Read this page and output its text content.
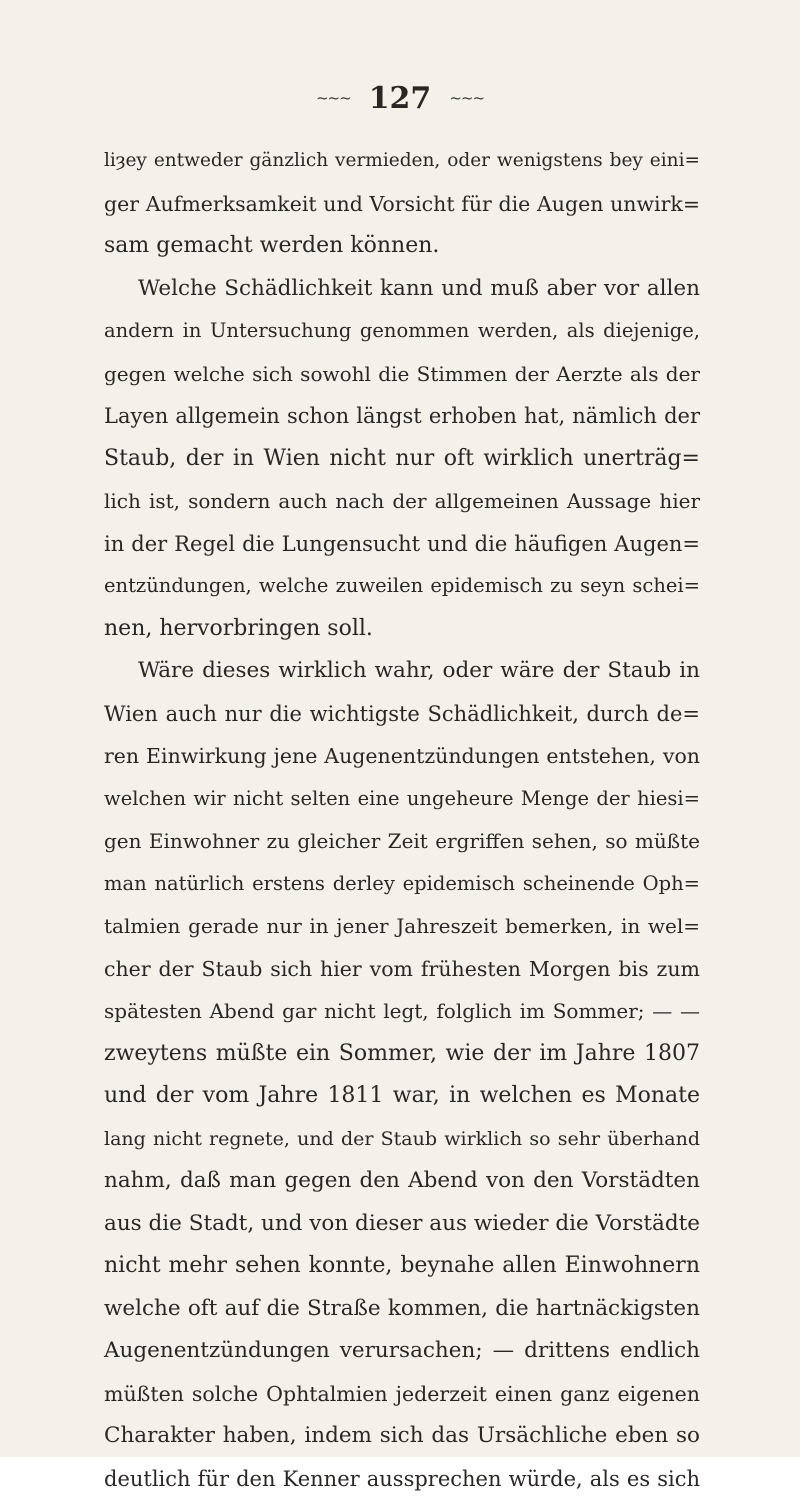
~~~ 127 ~~~
liȝey entweder gänzlich vermieden, oder wenigstens bey eini=
ger Aufmerksamkeit und Vorsicht für die Augen unwirk=
sam gemacht werden können.
Welche Schädlichkeit kann und muß aber vor allen
andern in Untersuchung genommen werden, als diejenige,
gegen welche sich sowohl die Stimmen der Aerzte als der
Layen allgemein schon längst erhoben hat, nämlich der
Staub, der in Wien nicht nur oft wirklich unerträg=
lich ist, sondern auch nach der allgemeinen Aussage hier
in der Regel die Lungensucht und die häufigen Augen=
entzündungen, welche zuweilen epidemisch zu seyn schei=
nen, hervorbringen soll.
Wäre dieses wirklich wahr, oder wäre der Staub in
Wien auch nur die wichtigste Schädlichkeit, durch de=
ren Einwirkung jene Augenentzündungen entstehen, von
welchen wir nicht selten eine ungeheure Menge der hiesi=
gen Einwohner zu gleicher Zeit ergriffen sehen, so müßte
man natürlich erstens derley epidemisch scheinende Oph=
talmien gerade nur in jener Jahreszeit bemerken, in wel=
cher der Staub sich hier vom frühesten Morgen bis zum
spätesten Abend gar nicht legt, folglich im Sommer; — —
zweytens müßte ein Sommer, wie der im Jahre 1807
und der vom Jahre 1811 war, in welchen es Monate
lang nicht regnete, und der Staub wirklich so sehr überhand
nahm, daß man gegen den Abend von den Vorstädten
aus die Stadt, und von dieser aus wieder die Vorstädte
nicht mehr sehen konnte, beynahe allen Einwohnern
welche oft auf die Straße kommen, die hartnäckigsten
Augenentzündungen verursachen; — drittens endlich
müßten solche Ophtalmien jederzeit einen ganz eigenen
Charakter haben, indem sich das Ursächliche eben so
deutlich für den Kenner aussprechen würde, als es sich
